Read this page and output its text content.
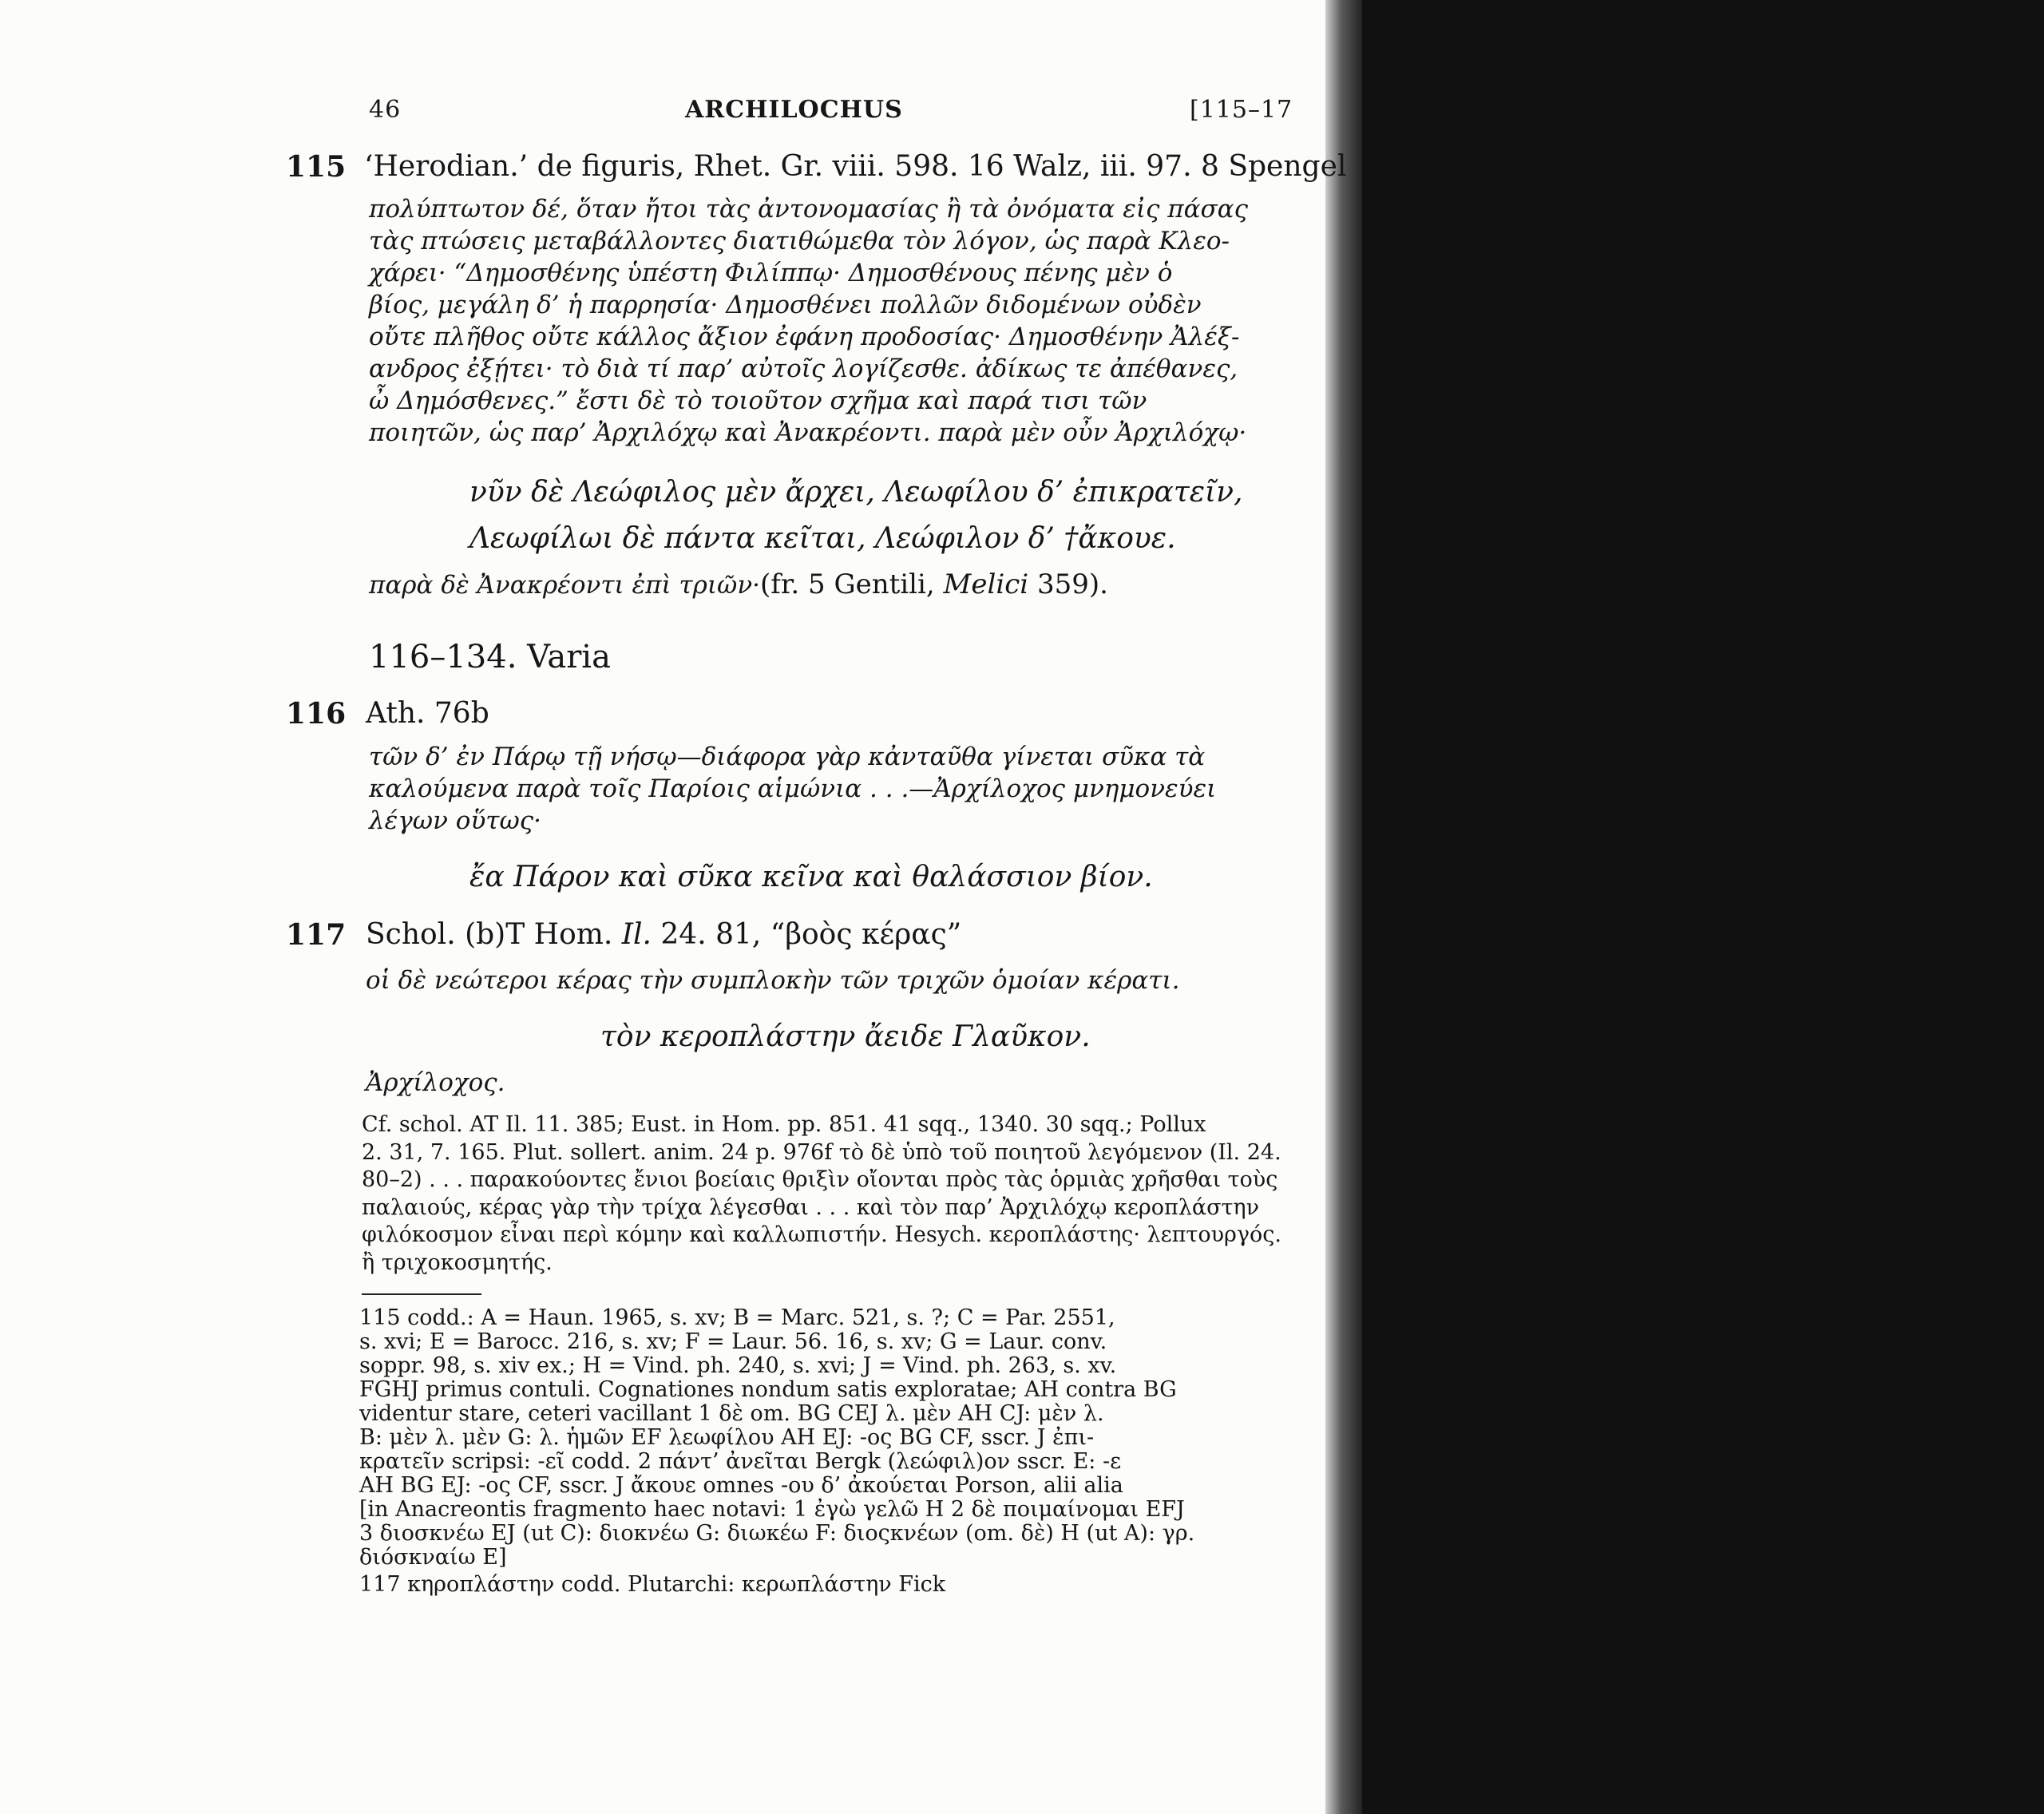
46	ARCHILOCHUS	[115–17
115 ‘Herodian.’ de figuris, Rhet. Gr. viii. 598. 16 Walz, iii. 97. 8 Spengel
πολύπτωτον δέ, ὅταν ἤτοι τὰς ἀντονομασίας ἢ τὰ ὀνόματα εἰς πάσας
τὰς πτώσεις μεταβάλλοντες διατιθώμεθα τὸν λόγον, ὡς παρὰ Κλεο-
χάρει· “Δημοσθένης ὑπέστη Φιλίππῳ· Δημοσθένους πένης μὲν ὁ
βίος, μεγάλη δ’ ἡ παρρησία· Δημοσθένει πολλῶν διδομένων οὐδὲν
οὔτε πλῆθος οὔτε κάλλος ἄξιον ἐφάνη προδοσίας· Δημοσθένην Ἀλέξ-
ανδρος ἐξῄτει· τὸ διὰ τί παρ’ αὐτοῖς λογίζεσθε. ἀδίκως τε ἀπέθανες,
ὦ Δημόσθενες.” ἔστι δὲ τὸ τοιοῦτον σχῆμα καὶ παρά τισι τῶν
ποιητῶν, ὡς παρ’ Ἀρχιλόχῳ καὶ Ἀνακρέοντι. παρὰ μὲν οὖν Ἀρχιλόχῳ·
νῦν δὲ Λεώφιλος μὲν ἄρχει, Λεωφίλου δ’ ἐπικρατεῖν,
Λεωφίλωι δὲ πάντα κεῖται, Λεώφιλον δ’ †ἄκουε.
παρὰ δὲ Ἀνακρέοντι ἐπὶ τριῶν·(fr. 5 Gentili, Melici 359).
116–134. Varia
116 Ath. 76b
τῶν δ’ ἐν Πάρῳ τῇ νήσῳ—διάφορα γὰρ κἀνταῦθα γίνεται σῦκα τὰ
καλούμενα παρὰ τοῖς Παρίοις αἱμώνια . . .—Ἀρχίλοχος μνημονεύει
λέγων οὕτως·
ἔα Πάρον καὶ σῦκα κεῖνα καὶ θαλάσσιον βίον.
117 Schol. (b)T Hom. Il. 24. 81, “βοὸς κέρας”
οἱ δὲ νεώτεροι κέρας τὴν συμπλοκὴν τῶν τριχῶν ὁμοίαν κέρατι.
τὸν κεροπλάστην ἄειδε Γλαῦκον.
Ἀρχίλοχος.
Cf. schol. AT Il. 11. 385; Eust. in Hom. pp. 851. 41 sqq., 1340. 30 sqq.; Pollux
2. 31, 7. 165. Plut. sollert. anim. 24 p. 976f τὸ δὲ ὑπὸ τοῦ ποιητοῦ λεγόμενον (Il. 24.
80–2) . . . παρακούοντες ἔνιοι βοείαις θριξὶν οἴονται πρὸς τὰς ὁρμιὰς χρῆσθαι τοὺς
παλαιούς, κέρας γὰρ τὴν τρίχα λέγεσθαι . . . καὶ τὸν παρ’ Ἀρχιλόχῳ κεροπλάστην
φιλόκοσμον εἶναι περὶ κόμην καὶ καλλωπιστήν. Hesych. κεροπλάστης· λεπτουργός.
ἢ τριχοκοσμητής.
115 codd.: A = Haun. 1965, s. xv; B = Marc. 521, s. ?; C = Par. 2551,
s. xvi; E = Barocc. 216, s. xv; F = Laur. 56. 16, s. xv; G = Laur. conv.
soppr. 98, s. xiv ex.; H = Vind. ph. 240, s. xvi; J = Vind. ph. 263, s. xv.
FGHJ primus contuli. Cognationes nondum satis exploratae; AH contra BG
videntur stare, ceteri vacillant 1 δὲ om. BG CEJ λ. μὲν AH CJ: μὲν λ.
B: μὲν λ. μὲν G: λ. ἡμῶν EF λεωφίλου AH EJ: -ος BG CF, sscr. J ἐπι-
κρατεῖν scripsi: -εῖ codd. 2 πάντ’ ἀνεῖται Bergk (λεώφιλ)ον sscr. E: -ε
AH BG EJ: -ος CF, sscr. J ἄκουε omnes -ου δ’ ἀκούεται Porson, alii alia
[in Anacreontis fragmento haec notavi: 1 ἐγὼ γελῶ H 2 δὲ ποιμαίνομαι EFJ
3 διοσκνέω EJ (ut C): διοκνέω G: διωκέω F: διοςκνέων (om. δὲ) H (ut A): γρ.
διόσκναίω E]
117 κηροπλάστην codd. Plutarchi: κερωπλάστην Fick
